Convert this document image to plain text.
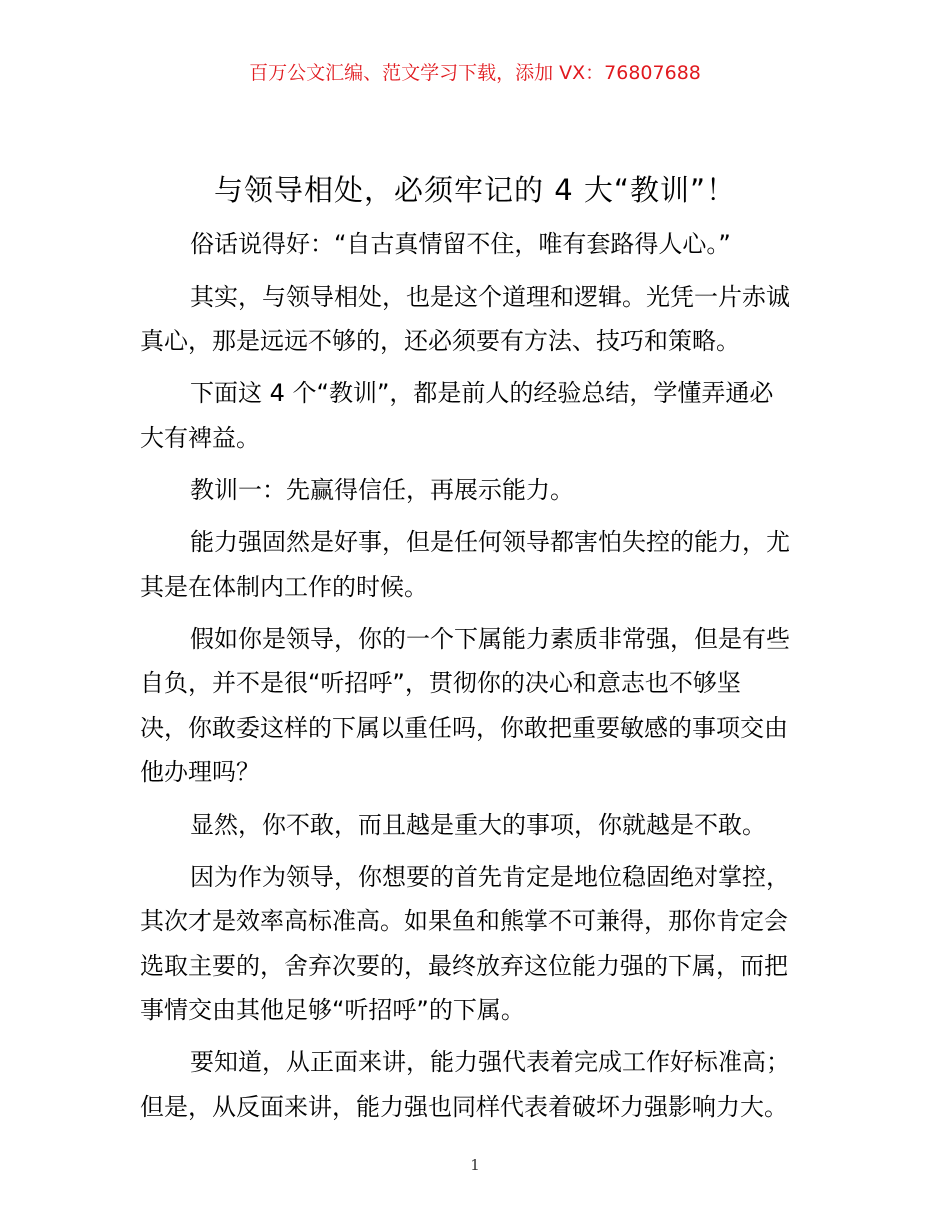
百万公文汇编、范文学习下载，添加 VX：76807688
与领导相处，必须牢记的 4 大“教训”！
俗话说得好：“自古真情留不住，唯有套路得人心。”
其实，与领导相处，也是这个道理和逻辑。光凭一片赤诚
真心，那是远远不够的，还必须要有方法、技巧和策略。
下面这 4 个“教训”，都是前人的经验总结，学懂弄通必
大有裨益。
教训一：先赢得信任，再展示能力。
能力强固然是好事，但是任何领导都害怕失控的能力，尤
其是在体制内工作的时候。
假如你是领导，你的一个下属能力素质非常强，但是有些
自负，并不是很“听招呼”，贯彻你的决心和意志也不够坚
决，你敢委这样的下属以重任吗，你敢把重要敏感的事项交由
他办理吗？
显然，你不敢，而且越是重大的事项，你就越是不敢。
因为作为领导，你想要的首先肯定是地位稳固绝对掌控，
其次才是效率高标准高。如果鱼和熊掌不可兼得，那你肯定会
选取主要的，舍弃次要的，最终放弃这位能力强的下属，而把
事情交由其他足够“听招呼”的下属。
要知道，从正面来讲，能力强代表着完成工作好标准高；
但是，从反面来讲，能力强也同样代表着破坏力强影响力大。
1
